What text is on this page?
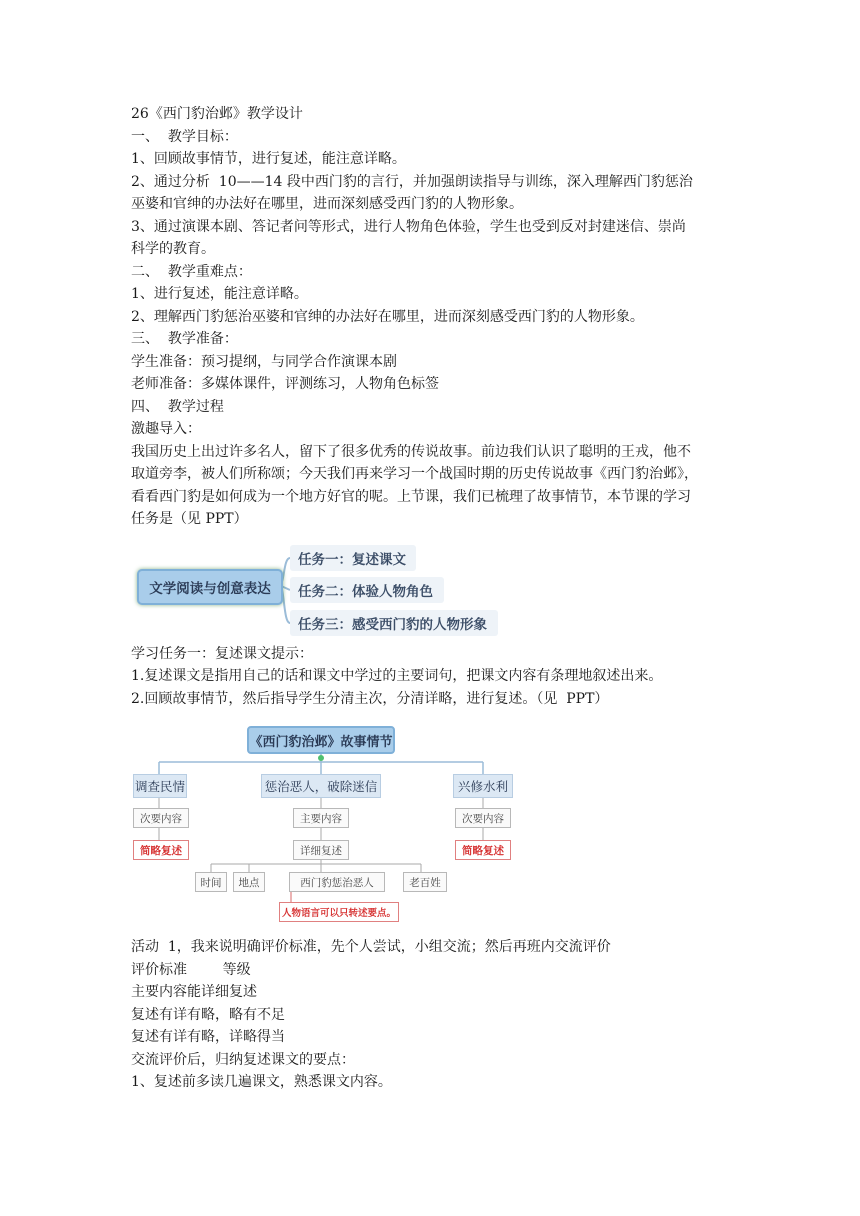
26《西门豹治邺》教学设计

一、  教学目标：

1、回顾故事情节，进行复述，能注意详略。

2、通过分析  10——14 段中西门豹的言行，并加强朗读指导与训练，深入理解西门豹惩治

巫婆和官绅的办法好在哪里，进而深刻感受西门豹的人物形象。

3、通过演课本剧、答记者问等形式，进行人物角色体验，学生也受到反对封建迷信、崇尚

科学的教育。

二、  教学重难点：

1、进行复述，能注意详略。

2、理解西门豹惩治巫婆和官绅的办法好在哪里，进而深刻感受西门豹的人物形象。

三、  教学准备：

学生准备：预习提纲，与同学合作演课本剧

老师准备：多媒体课件，评测练习，人物角色标签

四、  教学过程

激趣导入：

我国历史上出过许多名人，留下了很多优秀的传说故事。前边我们认识了聪明的王戎，他不

取道旁李，被人们所称颂；今天我们再来学习一个战国时期的历史传说故事《西门豹治邺》，

看看西门豹是如何成为一个地方好官的呢。上节课，我们已梳理了故事情节，本节课的学习

任务是（见 PPT）

文学阅读与创意表达
任务一：复述课文
任务二：体验人物角色
任务三：感受西门豹的人物形象

学习任务一：复述课文提示：

1.复述课文是指用自己的话和课文中学过的主要词句，把课文内容有条理地叙述出来。

2.回顾故事情节，然后指导学生分清主次，分清详略，进行复述。（见  PPT）

《西门豹治邺》故事情节
调查民情	惩治恶人，破除迷信	兴修水利
次要内容
简略复述
主要内容
详细复述
次要内容
简略复述
时间	地点	西门豹惩治恶人	老百姓
人物语言可以只转述要点。

活动  1，我来说明确评价标准，先个人尝试，小组交流；然后再班内交流评价

评价标准        等级

主要内容能详细复述

复述有详有略，略有不足

复述有详有略，详略得当

交流评价后，归纳复述课文的要点：

1、复述前多读几遍课文，熟悉课文内容。
